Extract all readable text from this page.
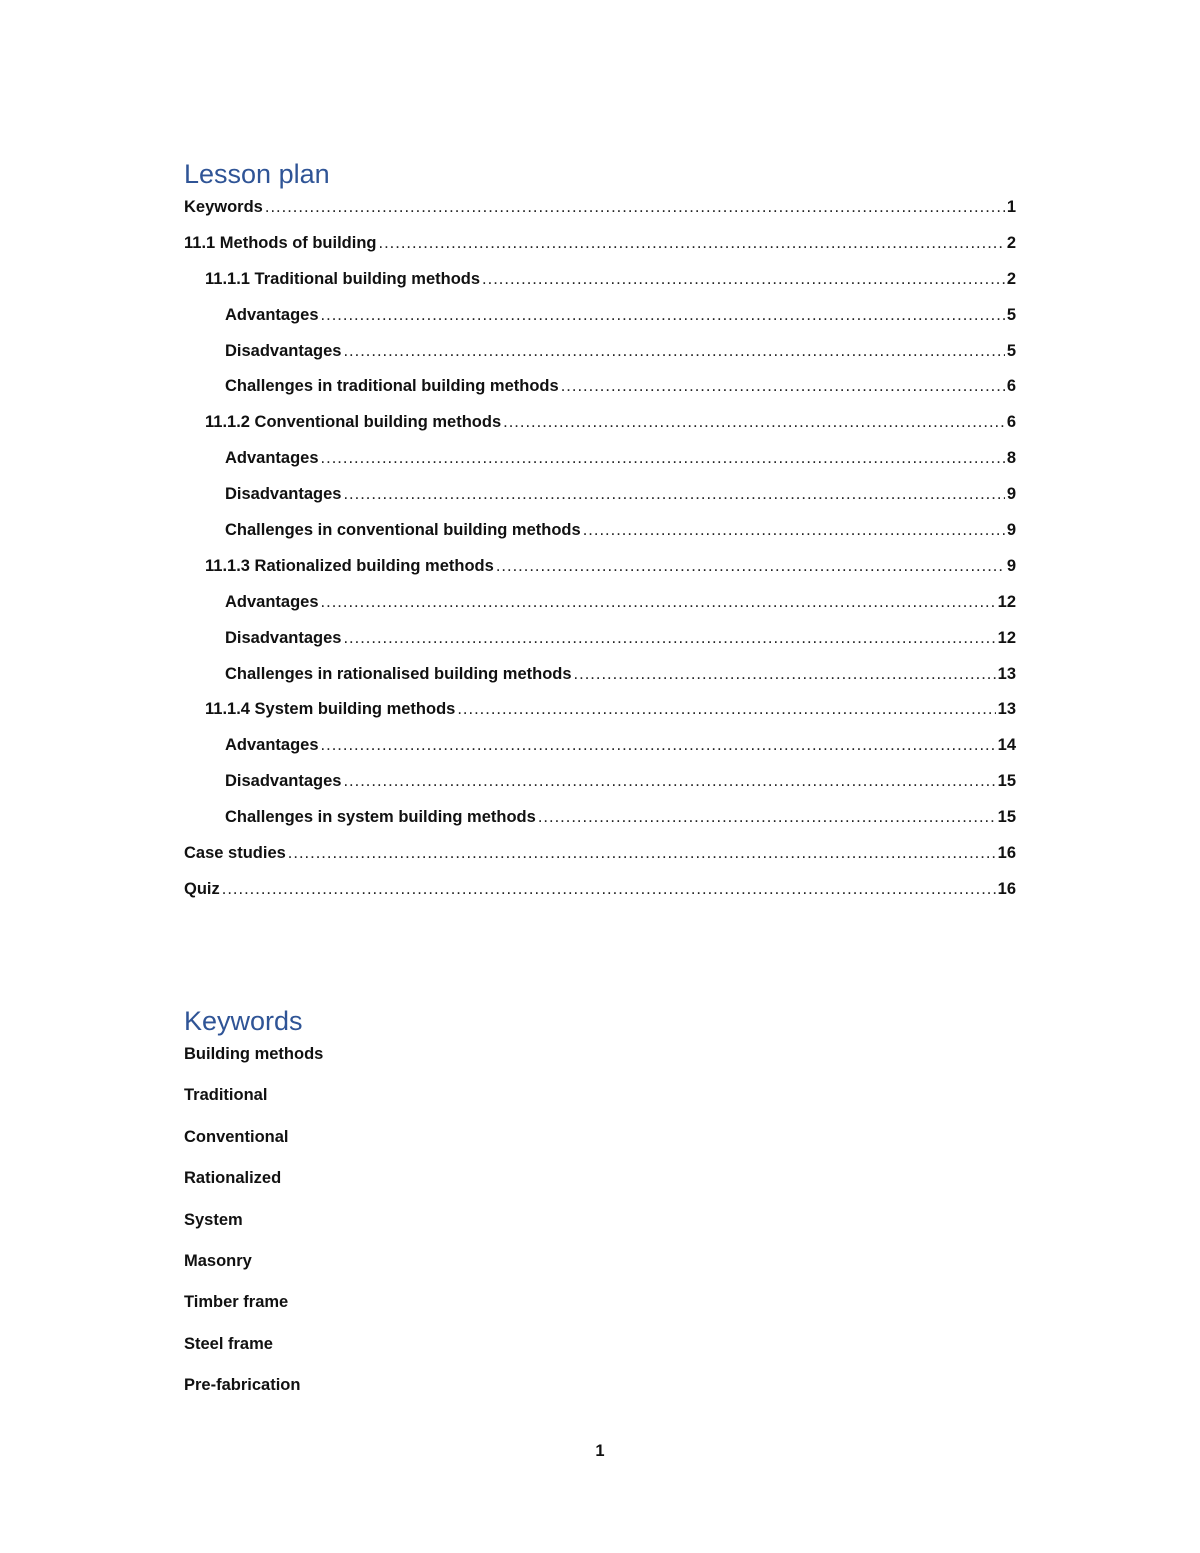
Lesson plan
Keywords .....	1
11.1 Methods of building .....	2
11.1.1 Traditional building methods .....	2
Advantages .....	5
Disadvantages .....	5
Challenges in traditional building methods .....	6
11.1.2 Conventional building methods .....	6
Advantages .....	8
Disadvantages .....	9
Challenges in conventional building methods .....	9
11.1.3 Rationalized building methods .....	9
Advantages .....	12
Disadvantages .....	12
Challenges in rationalised building methods .....	13
11.1.4 System building methods .....	13
Advantages .....	14
Disadvantages .....	15
Challenges in system building methods .....	15
Case studies .....	16
Quiz .....	16
Keywords
Building methods
Traditional
Conventional
Rationalized
System
Masonry
Timber frame
Steel frame
Pre-fabrication
1
